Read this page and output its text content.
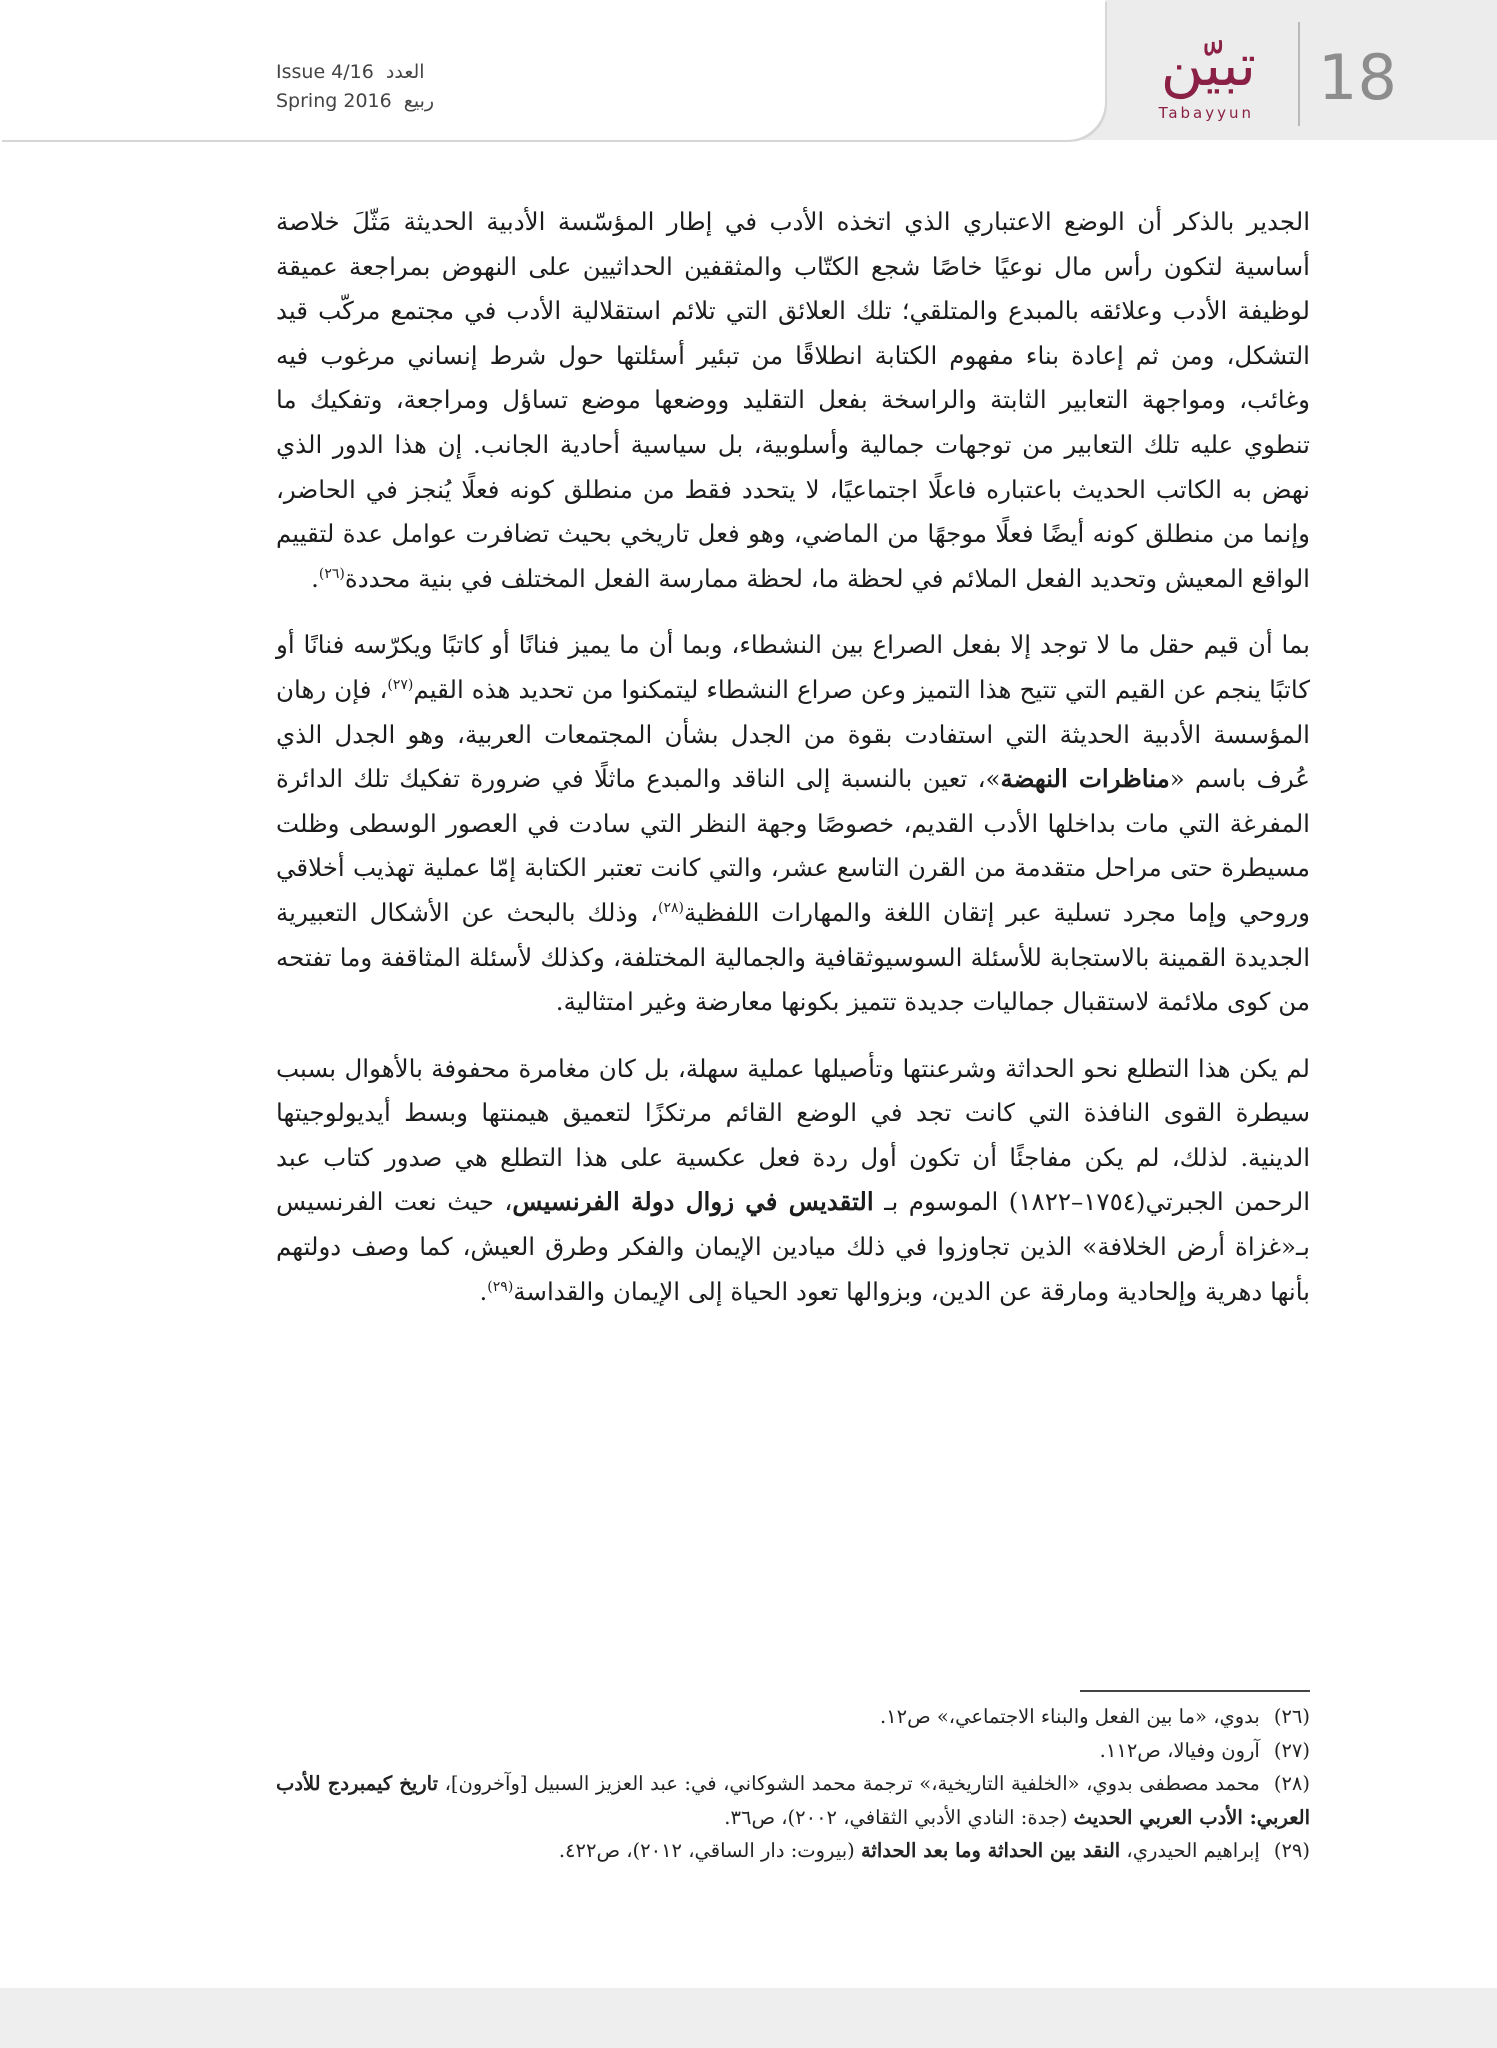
Issue 4/16 العدد
Spring 2016 ربيع
تبيّن
Tabayyun 18

الجدير بالذكر أن الوضع الاعتباري الذي اتخذه الأدب في إطار المؤسّسة الأدبية الحديثة مَثّلَ خلاصة أساسية لتكون رأس مال نوعيًا خاصًا شجع الكتّاب والمثقفين الحداثيين على النهوض بمراجعة عميقة لوظيفة الأدب وعلائقه بالمبدع والمتلقي؛ تلك العلائق التي تلائم استقلالية الأدب في مجتمع مركّب قيد التشكل، ومن ثم إعادة بناء مفهوم الكتابة انطلاقًا من تبئير أسئلتها حول شرط إنساني مرغوب فيه وغائب، ومواجهة التعابير الثابتة والراسخة بفعل التقليد ووضعها موضع تساؤل ومراجعة، وتفكيك ما تنطوي عليه تلك التعابير من توجهات جمالية وأسلوبية، بل سياسية أحادية الجانب. إن هذا الدور الذي نهض به الكاتب الحديث باعتباره فاعلًا اجتماعيًا، لا يتحدد فقط من منطلق كونه فعلًا يُنجز في الحاضر، وإنما من منطلق كونه أيضًا فعلًا موجهًا من الماضي، وهو فعل تاريخي بحيث تضافرت عوامل عدة لتقييم الواقع المعيش وتحديد الفعل الملائم في لحظة ما، لحظة ممارسة الفعل المختلف في بنية محددة$^{(٢٦)}$.

بما أن قيم حقل ما لا توجد إلا بفعل الصراع بين النشطاء، وبما أن ما يميز فنانًا أو كاتبًا ويكرّسه فنانًا أو كاتبًا ينجم عن القيم التي تتيح هذا التميز وعن صراع النشطاء ليتمكنوا من تحديد هذه القيم$^{(٢٧)}$، فإن رهان المؤسسة الأدبية الحديثة التي استفادت بقوة من الجدل بشأن المجتمعات العربية، وهو الجدل الذي عُرف باسم «مناظرات النهضة»، تعين بالنسبة إلى الناقد والمبدع ماثلًا في ضرورة تفكيك تلك الدائرة المفرغة التي مات بداخلها الأدب القديم، خصوصًا وجهة النظر التي سادت في العصور الوسطى وظلت مسيطرة حتى مراحل متقدمة من القرن التاسع عشر، والتي كانت تعتبر الكتابة إمّا عملية تهذيب أخلاقي وروحي وإما مجرد تسلية عبر إتقان اللغة والمهارات اللفظية$^{(٢٨)}$، وذلك بالبحث عن الأشكال التعبيرية الجديدة القمينة بالاستجابة للأسئلة السوسيوثقافية والجمالية المختلفة، وكذلك لأسئلة المثاقفة وما تفتحه من كوى ملائمة لاستقبال جماليات جديدة تتميز بكونها معارضة وغير امتثالية.

لم يكن هذا التطلع نحو الحداثة وشرعنتها وتأصيلها عملية سهلة، بل كان مغامرة محفوفة بالأهوال بسبب سيطرة القوى النافذة التي كانت تجد في الوضع القائم مرتكزًا لتعميق هيمنتها وبسط أيديولوجيتها الدينية. لذلك، لم يكن مفاجئًا أن تكون أول ردة فعل عكسية على هذا التطلع هي صدور كتاب عبد الرحمن الجبرتي(١٧٥٤–١٨٢٢) الموسوم بـ التقديس في زوال دولة الفرنسيس، حيث نعت الفرنسيس بـ«غزاة أرض الخلافة» الذين تجاوزوا في ذلك ميادين الإيمان والفكر وطرق العيش، كما وصف دولتهم بأنها دهرية وإلحادية ومارقة عن الدين، وبزوالها تعود الحياة إلى الإيمان والقداسة$^{(٢٩)}$.

(٢٦)بدوي، «ما بين الفعل والبناء الاجتماعي،» ص١٢.

(٢٧)آرون وفيالا، ص١١٢.

(٢٨)محمد مصطفى بدوي، «الخلفية التاريخية،» ترجمة محمد الشوكاني، في: عبد العزيز السبيل [وآخرون]، تاريخ كيمبردج للأدب العربي: الأدب العربي الحديث (جدة: النادي الأدبي الثقافي، ٢٠٠٢)، ص٣٦.

(٢٩)إبراهيم الحيدري، النقد بين الحداثة وما بعد الحداثة (بيروت: دار الساقي، ٢٠١٢)، ص٤٢٢.
